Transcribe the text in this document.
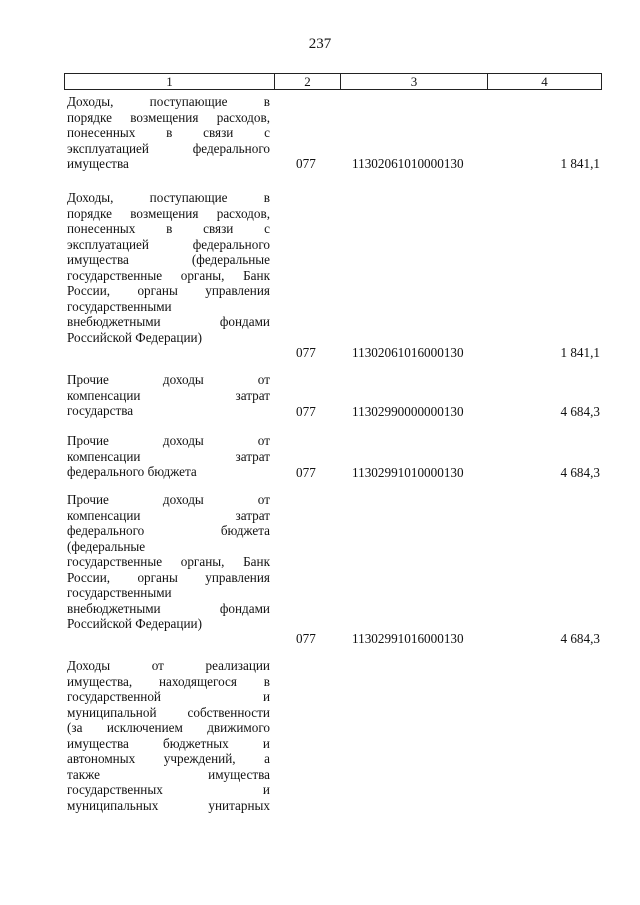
237
1	2	3	4
Доходы, поступающие в
порядке возмещения расходов,
понесенных в связи с
эксплуатацией федерального
имущества	077	11302061010000130	1 841,1
Доходы, поступающие в
порядке возмещения расходов,
понесенных в связи с
эксплуатацией федерального
имущества (федеральные
государственные органы, Банк
России, органы управления
государственными
внебюджетными фондами
Российской Федерации)
077	11302061016000130	1 841,1
Прочие доходы от
компенсации затрат
государства	077	11302990000000130	4 684,3
Прочие доходы от
компенсации затрат
федерального бюджета	077	11302991010000130	4 684,3
Прочие доходы от
компенсации затрат
федерального бюджета
(федеральные
государственные органы, Банк
России, органы управления
государственными
внебюджетными фондами
Российской Федерации)
077	11302991016000130	4 684,3
Доходы от реализации
имущества, находящегося в
государственной и
муниципальной собственности
(за исключением движимого
имущества бюджетных и
автономных учреждений, а
также имущества
государственных и
муниципальных унитарных
